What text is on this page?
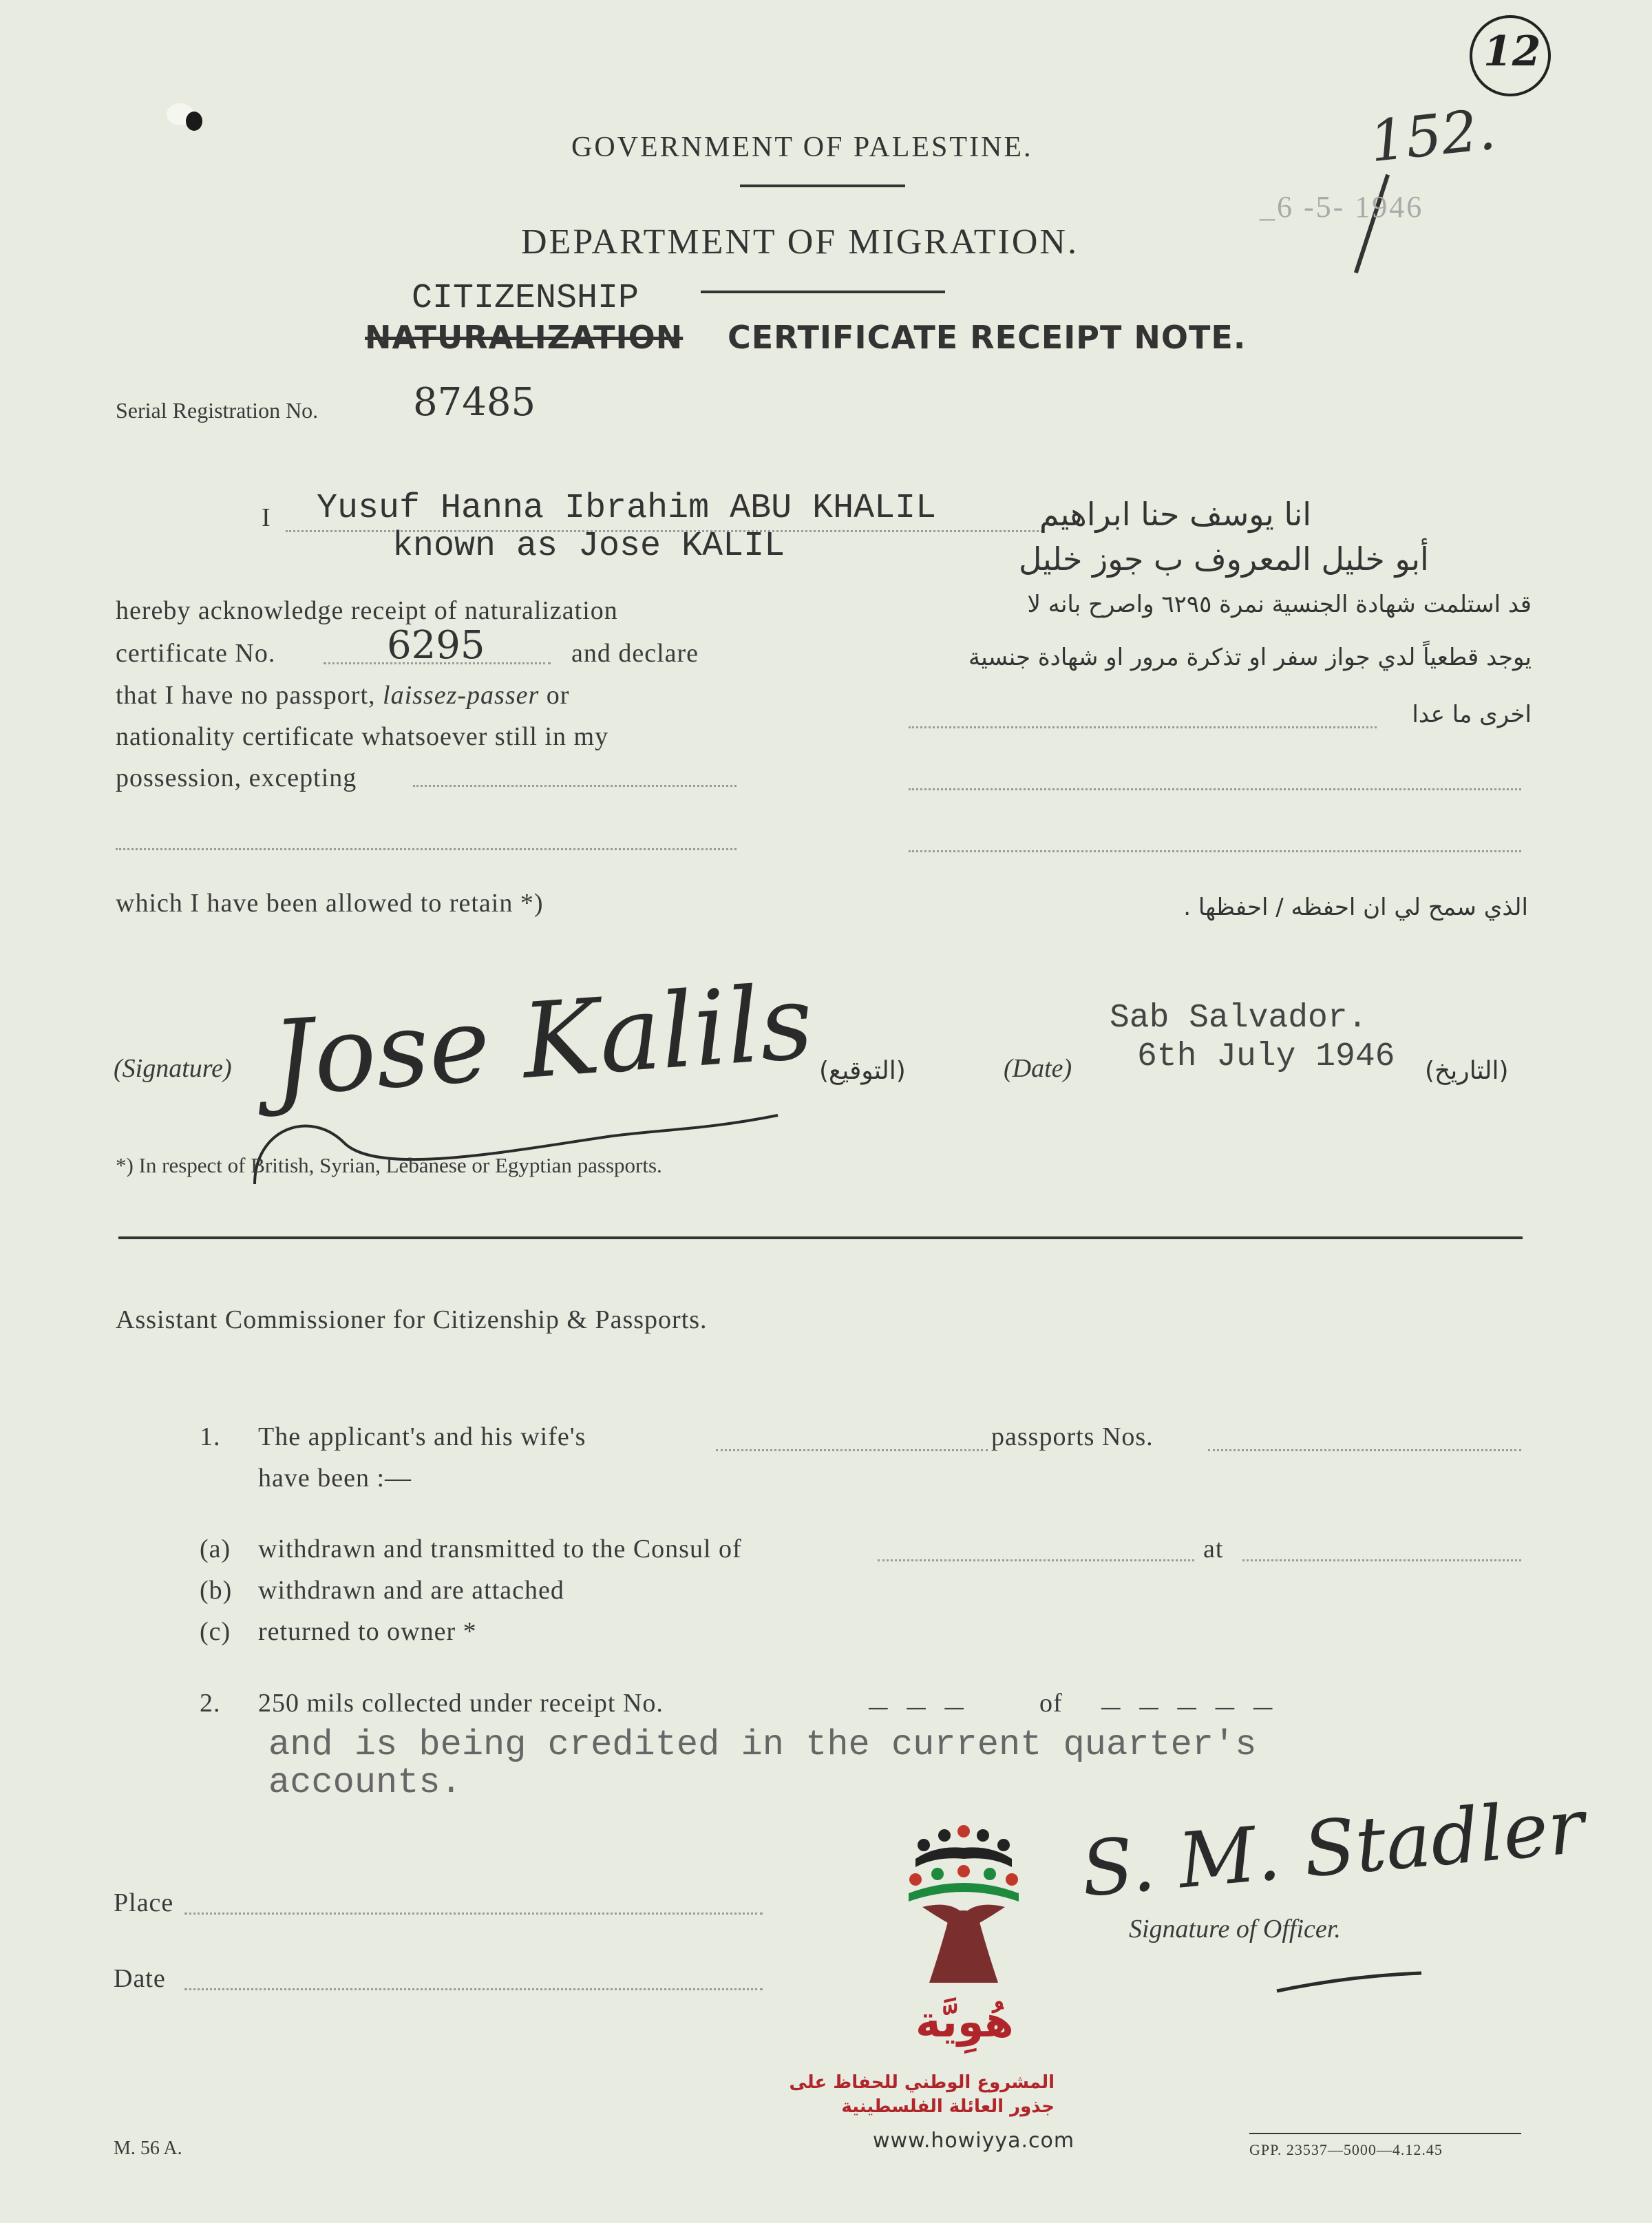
12
152.
_6 -5- 1946
GOVERNMENT OF PALESTINE.
DEPARTMENT OF MIGRATION.
CITIZENSHIP
NATURALIZATION CERTIFICATE RECEIPT NOTE.
Serial Registration No. 87485
I Yusuf Hanna Ibrahim ABU KHALIL
known as Jose KALIL
انا يوسف حنا ابراهيم
أبو خليل المعروف ب جوز خليل
hereby acknowledge receipt of naturalization
certificate No.	6295	and declare
that I have no passport, laissez-passer or
nationality certificate whatsoever still in my
possession, excepting
which I have been allowed to retain *)
قد استلمت شهادة الجنسية نمرة ٦٢٩٥ واصرح بانه لا
يوجد قطعياً لدي جواز سفر او تذكرة مرور او شهادة جنسية
اخرى ما عدا
الذي سمح لي ان احفظه / احفظها .
(Signature) Jose Kalils (التوقيع)	(Date)
Sab Salvador.
6th July 1946 (التاريخ)
*) In respect of British, Syrian, Lebanese or Egyptian passports.
Assistant Commissioner for Citizenship & Passports.
1. The applicant's and his wife's	passports Nos.
have been :—
(a) withdrawn and transmitted to the Consul of	at
(b) withdrawn and are attached
(c) returned to owner *
2. 250 mils collected under receipt No.	_ _ _	of _ _ _ _ _
and is being credited in the current quarter's
accounts.
Place
Date
هُوِيَّة
المشروع الوطني للحفاظ على
جذور العائلة الفلسطينية
www.howiyya.com
S. M. Stadler
Signature of Officer.
M. 56 A.	GPP. 23537—5000—4.12.45
